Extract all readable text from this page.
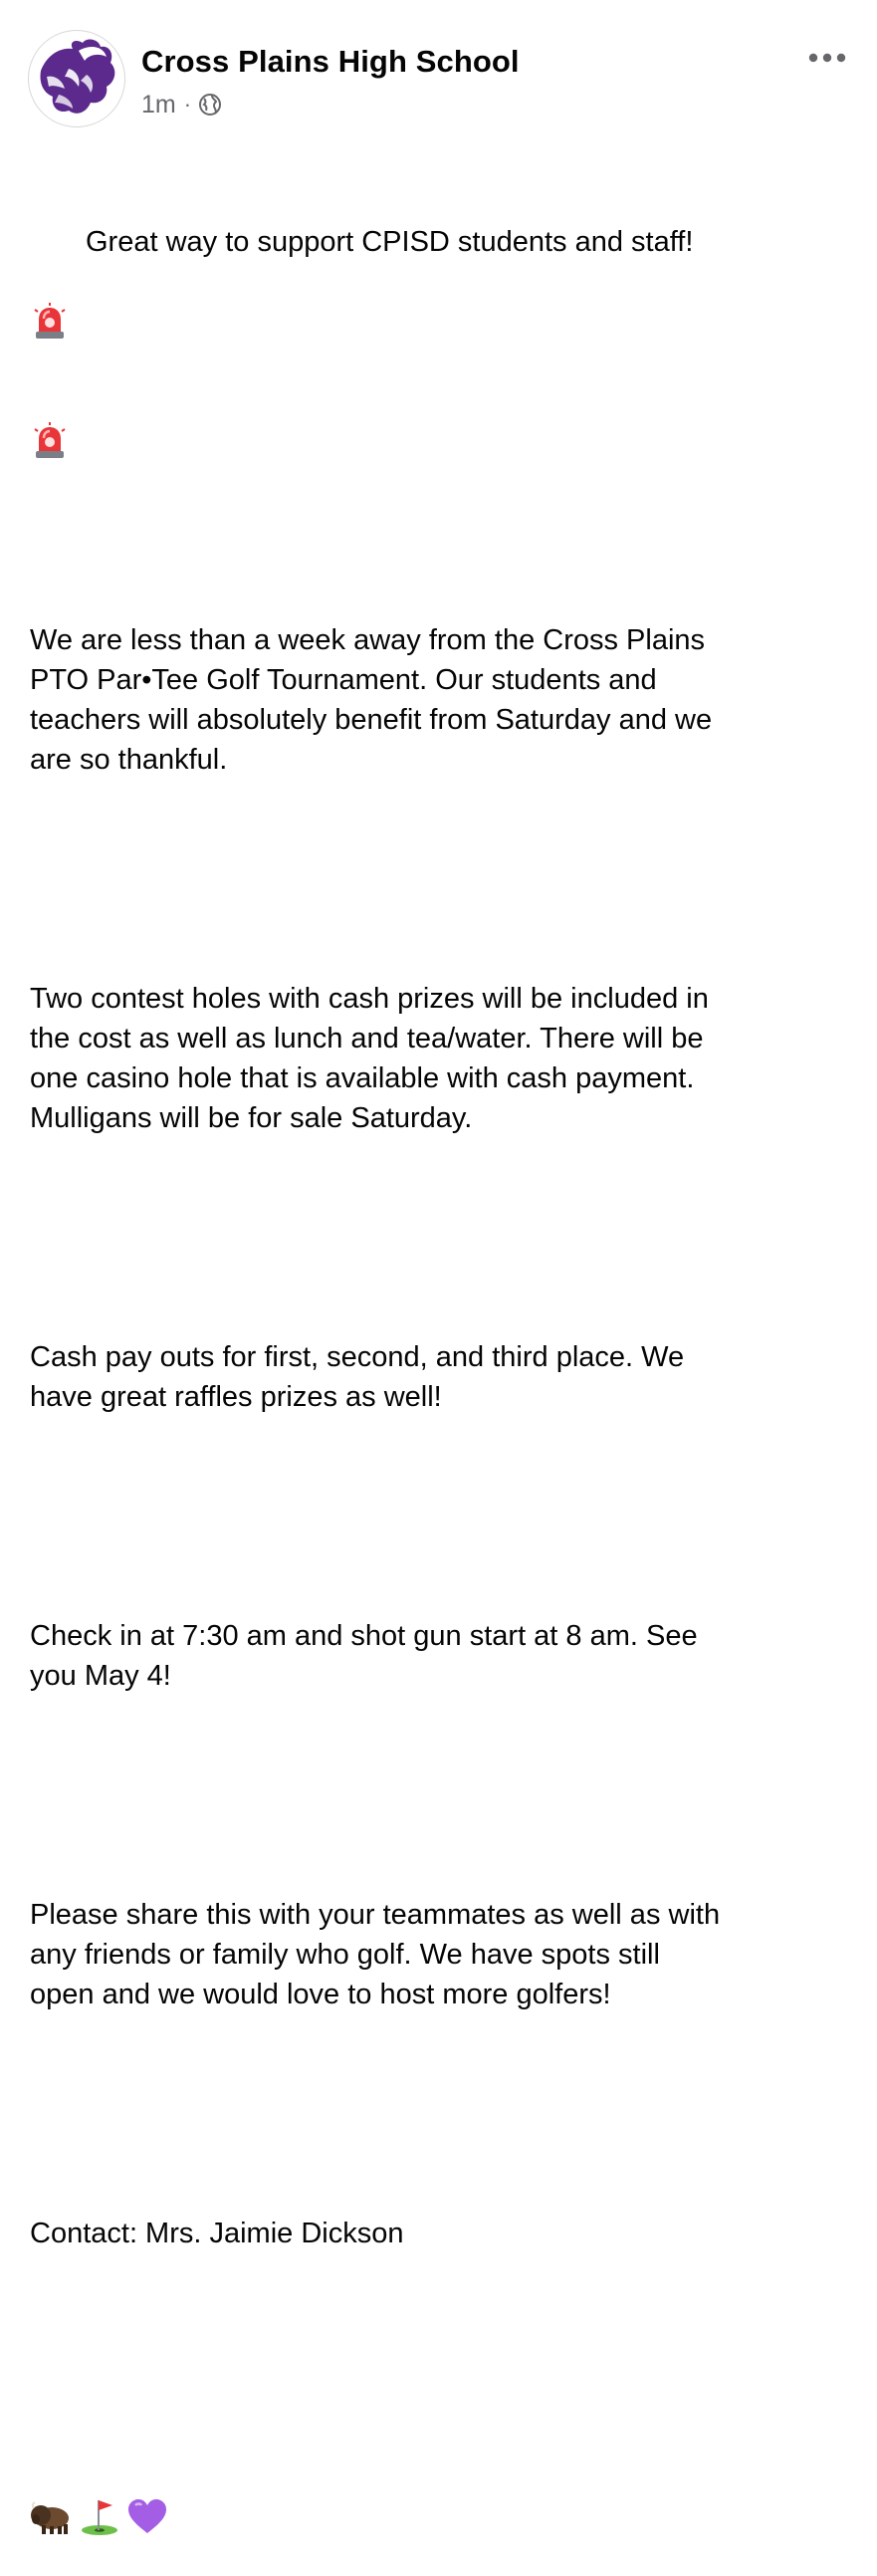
Cross Plains High School
1m ·

Great way to support CPISD students and staff!

We are less than a week away from the Cross Plains
PTO Par•Tee Golf Tournament. Our students and
teachers will absolutely benefit from Saturday and we
are so thankful.

Two contest holes with cash prizes will be included in
the cost as well as lunch and tea/water. There will be
one casino hole that is available with cash payment.
Mulligans will be for sale Saturday.

Cash pay outs for first, second, and third place. We
have great raffles prizes as well!

Check in at 7:30 am and shot gun start at 8 am. See
you May 4!

Please share this with your teammates as well as with
any friends or family who golf. We have spots still
open and we would love to host more golfers!

Contact: Mrs. Jaimie Dickson
